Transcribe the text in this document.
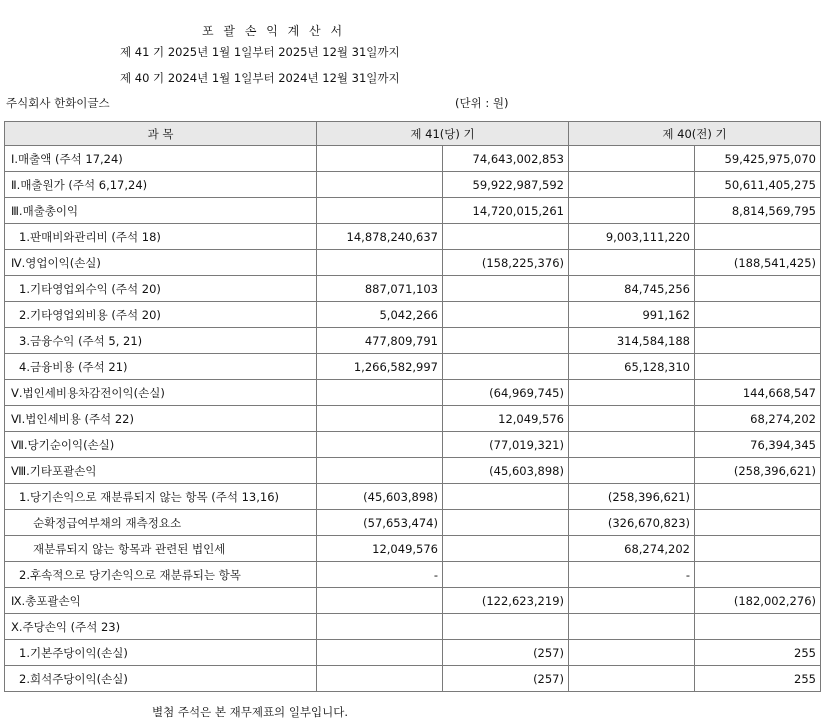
포 괄 손 익 계 산 서
제 41 기 2025년 1월 1일부터 2025년 12월 31일까지
제 40 기 2024년 1월 1일부터 2024년 12월 31일까지
주식회사 한화이글스	(단위 : 원)
과 목	제 41(당) 기		제 40(전) 기	
Ⅰ.매출액 (주석 17,24)		74,643,002,853		59,425,975,070
Ⅱ.매출원가 (주석 6,17,24)		59,922,987,592		50,611,405,275
Ⅲ.매출총이익		14,720,015,261		8,814,569,795
1.판매비와관리비 (주석 18)	14,878,240,637		9,003,111,220	
Ⅳ.영업이익(손실)		(158,225,376)		(188,541,425)
1.기타영업외수익 (주석 20)	887,071,103		84,745,256	
2.기타영업외비용 (주석 20)	5,042,266		991,162	
3.금융수익 (주석 5, 21)	477,809,791		314,584,188	
4.금융비용 (주석 21)	1,266,582,997		65,128,310	
Ⅴ.법인세비용차감전이익(손실)		(64,969,745)		144,668,547
Ⅵ.법인세비용 (주석 22)		12,049,576		68,274,202
Ⅶ.당기순이익(손실)		(77,019,321)		76,394,345
Ⅷ.기타포괄손익		(45,603,898)		(258,396,621)
1.당기손익으로 재분류되지 않는 항목 (주석 13,16)	(45,603,898)		(258,396,621)	
순확정급여부채의 재측정요소	(57,653,474)		(326,670,823)	
재분류되지 않는 항목과 관련된 법인세	12,049,576		68,274,202	
2.후속적으로 당기손익으로 재분류되는 항목	-		-	
Ⅸ.총포괄손익		(122,623,219)		(182,002,276)
Ⅹ.주당손익 (주석 23)				
1.기본주당이익(손실)		(257)		255
2.희석주당이익(손실)		(257)		255
별첨 주석은 본 재무제표의 일부입니다.
